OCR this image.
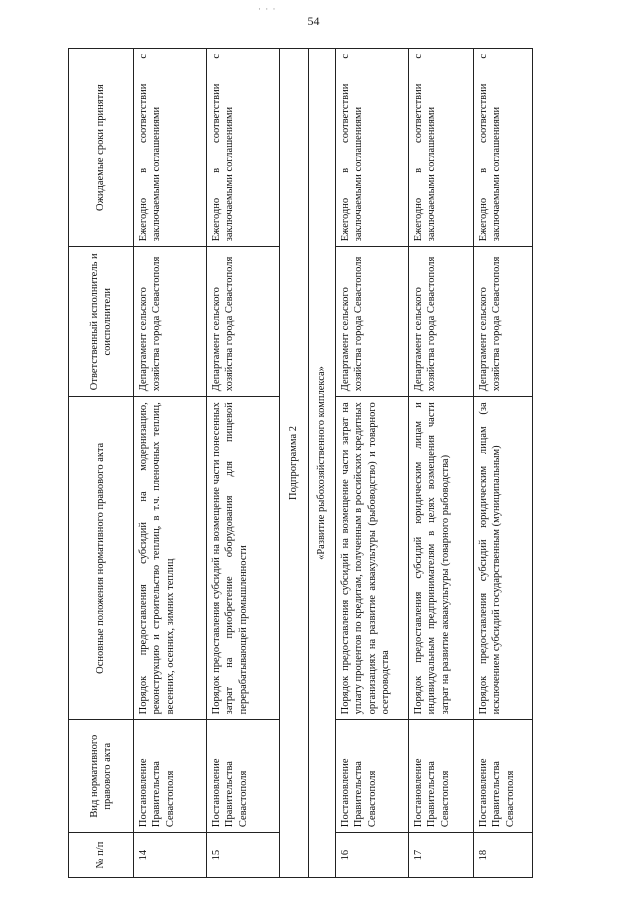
· · ·
54
№ п/п	Вид нормативного правового акта	Основные положения нормативного правового акта	Ответственный исполнитель и соисполнители	Ожидаемые сроки принятия
14	Постановление Правительства Севастополя	Порядок предоставления субсидий на модернизацию, реконструкцию и строительство теплиц, в т.ч. пленочных теплиц, весенних, осенних, зимних теплиц	Департамент сельского хозяйства города Севастополя	Ежегодно в соответствии с заключаемыми соглашениями
15	Постановление Правительства Севастополя	Порядок предоставления субсидий на возмещение части понесенных затрат на приобретение оборудования для пищевой перерабатывающей промышленности	Департамент сельского хозяйства города Севастополя	Ежегодно в соответствии с заключаемыми соглашениями
Подпрограмма 2				
«Развитие рыбохозяйственного комплекса»				
16	Постановление Правительства Севастополя	Порядок предоставления субсидий на возмещение части затрат на уплату процентов по кредитам, полученным в российских кредитных организациях на развитие аквакультуры (рыбоводство) и товарного осетроводства	Департамент сельского хозяйства города Севастополя	Ежегодно в соответствии с заключаемыми соглашениями
17	Постановление Правительства Севастополя	Порядок предоставления субсидий юридическим лицам и индивидуальным предпринимателям в целях возмещения части затрат на развитие аквакультуры (товарного рыбоводства)	Департамент сельского хозяйства города Севастополя	Ежегодно в соответствии с заключаемыми соглашениями
18	Постановление Правительства Севастополя	Порядок предоставления субсидий юридическим лицам (за исключением субсидий государственным (муниципальным)	Департамент сельского хозяйства города Севастополя	Ежегодно в соответствии с заключаемыми соглашениями
